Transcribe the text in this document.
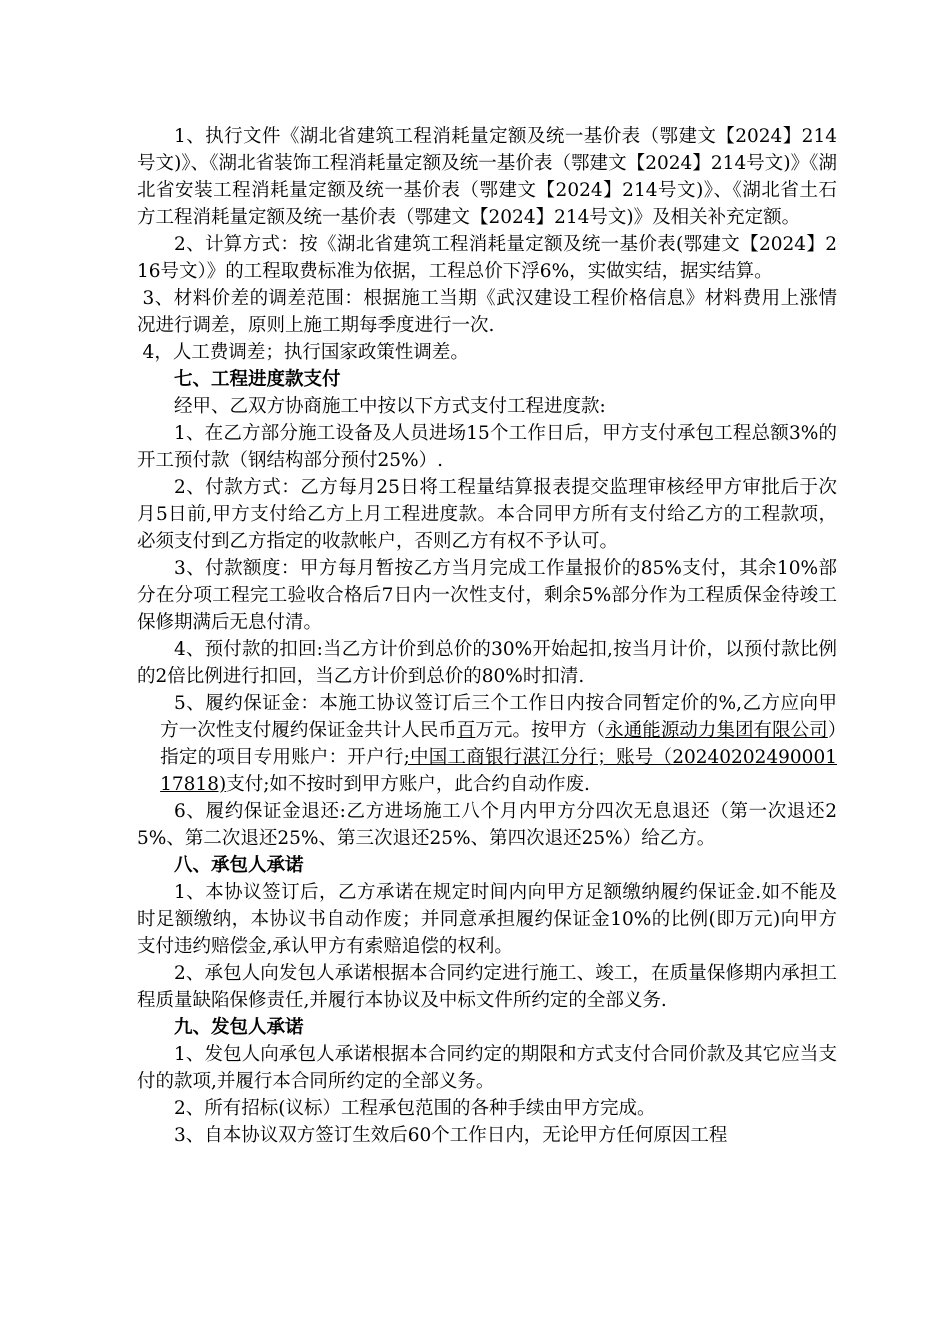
1、执行文件《湖北省建筑工程消耗量定额及统一基价表（鄂建文【2024】214号文)》、《湖北省装饰工程消耗量定额及统一基价表（鄂建文【2024】214号文)》《湖北省安装工程消耗量定额及统一基价表（鄂建文【2024】214号文)》、《湖北省土石方工程消耗量定额及统一基价表（鄂建文【2024】214号文)》及相关补充定额。

2、计算方式：按《湖北省建筑工程消耗量定额及统一基价表(鄂建文【2024】216号文）》的工程取费标准为依据，工程总价下浮6%，实做实结，据实结算。

3、材料价差的调差范围：根据施工当期《武汉建设工程价格信息》材料费用上涨情况进行调差，原则上施工期每季度进行一次.

4，人工费调差；执行国家政策性调差。

七、工程进度款支付

经甲、乙双方协商施工中按以下方式支付工程进度款:

1、在乙方部分施工设备及人员进场15个工作日后，甲方支付承包工程总额3%的开工预付款（钢结构部分预付25%）.

2、付款方式：乙方每月25日将工程量结算报表提交监理审核经甲方审批后于次月5日前,甲方支付给乙方上月工程进度款。本合同甲方所有支付给乙方的工程款项，必须支付到乙方指定的收款帐户，否则乙方有权不予认可。

3、付款额度：甲方每月暂按乙方当月完成工作量报价的85%支付，其余10%部分在分项工程完工验收合格后7日内一次性支付，剩余5%部分作为工程质保金待竣工保修期满后无息付清。

4、预付款的扣回:当乙方计价到总价的30%开始起扣,按当月计价，以预付款比例的2倍比例进行扣回，当乙方计价到总价的80%时扣清.

5、履约保证金：本施工协议签订后三个工作日内按合同暂定价的%,乙方应向甲方一次性支付履约保证金共计人民币百万元。按甲方（永通能源动力集团有限公司）指定的项目专用账户：开户行;中国工商银行湛江分行；账号（202402024900011​7818)支付;如不按时到甲方账户，此合约自动作废.

6、履约保证金退还:乙方进场施工八个月内甲方分四次无息退还（第一次退还25%、第二次退还25%、第三次退还25%、第四次退还25%）给乙方。

八、承包人承诺

1、本协议签订后，乙方承诺在规定时间内向甲方足额缴纳履约保证金.如不能及时足额缴纳，本协议书自动作废；并同意承担履约保证金10%的比例(即万元)向甲方支付违约赔偿金,承认甲方有索赔追偿的权利。

2、承包人向发包人承诺根据本合同约定进行施工、竣工，在质量保修期内承担工程质量缺陷保修责任,并履行本协议及中标文件所约定的全部义务.

九、发包人承诺

1、发包人向承包人承诺根据本合同约定的期限和方式支付合同价款及其它应当支付的款项,并履行本合同所约定的全部义务。

2、所有招标(议标）工程承包范围的各种手续由甲方完成。

3、自本协议双方签订生效后60个工作日内，无论甲方任何原因工程
